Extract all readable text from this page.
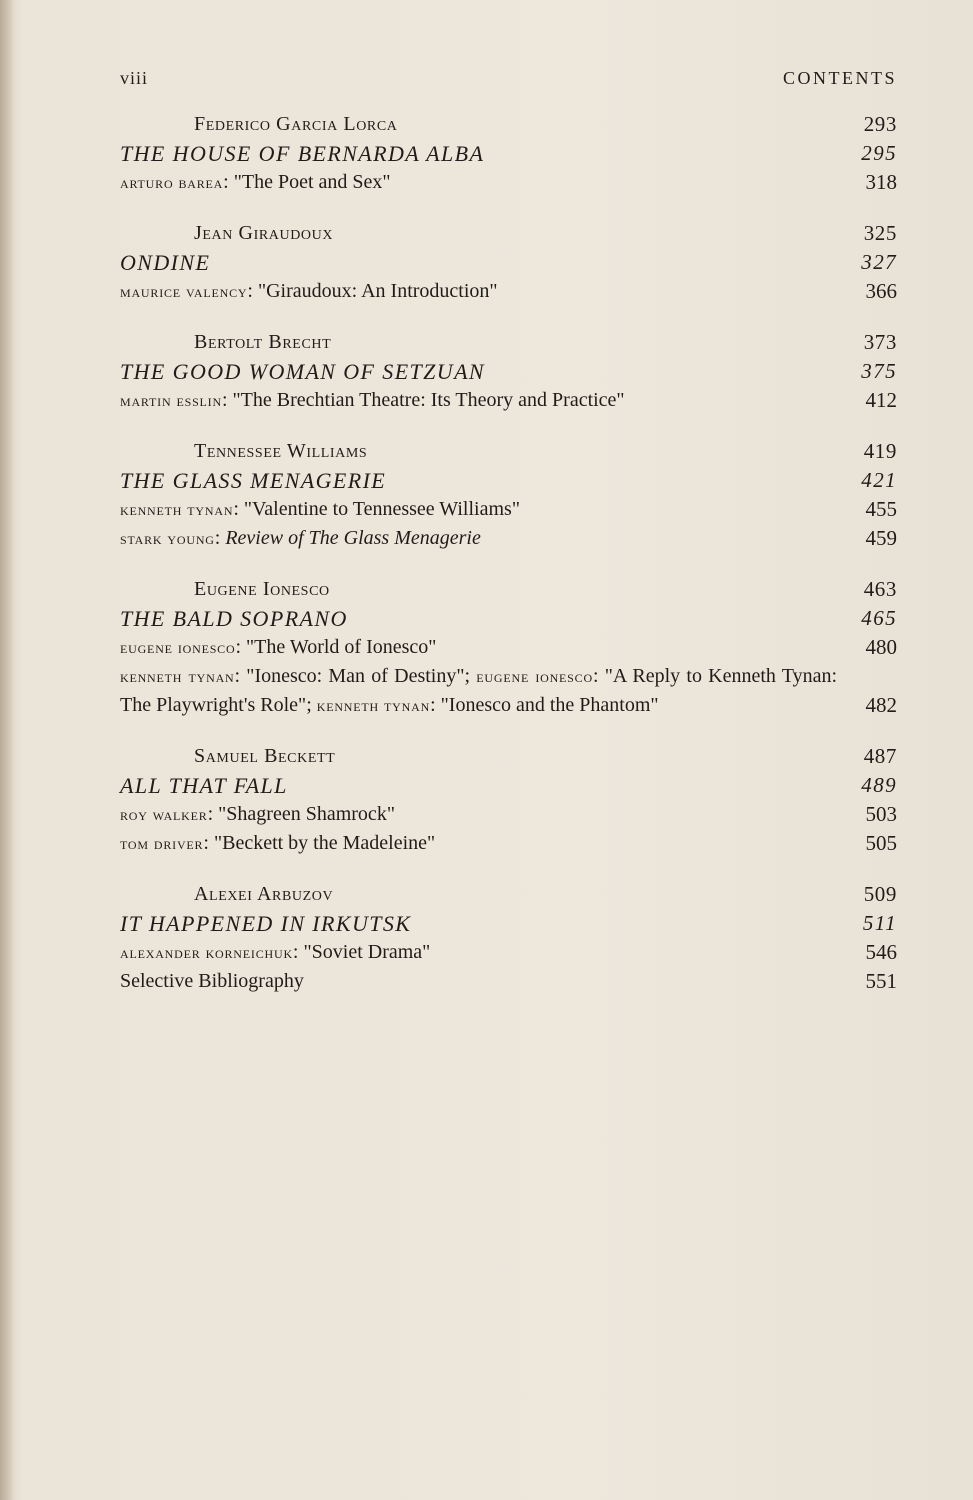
viii	CONTENTS
Federico Garcia Lorca	293
THE HOUSE OF BERNARDA ALBA	295
arturo barea: "The Poet and Sex"	318
Jean Giraudoux	325
ONDINE	327
maurice valency: "Giraudoux: An Introduction"	366
Bertolt Brecht	373
THE GOOD WOMAN OF SETZUAN	375
martin esslin: "The Brechtian Theatre: Its Theory and Practice"	412
Tennessee Williams	419
THE GLASS MENAGERIE	421
kenneth tynan: "Valentine to Tennessee Williams"	455
stark young: Review of The Glass Menagerie	459
Eugene Ionesco	463
THE BALD SOPRANO	465
eugene ionesco: "The World of Ionesco"	480
kenneth tynan: "Ionesco: Man of Destiny"; eugene ionesco: "A Reply to Kenneth Tynan: The Playwright's Role"; kenneth tynan: "Ionesco and the Phantom"	482
Samuel Beckett	487
ALL THAT FALL	489
roy walker: "Shagreen Shamrock"	503
tom driver: "Beckett by the Madeleine"	505
Alexei Arbuzov	509
IT HAPPENED IN IRKUTSK	511
alexander korneichuk: "Soviet Drama"	546
Selective Bibliography	551
